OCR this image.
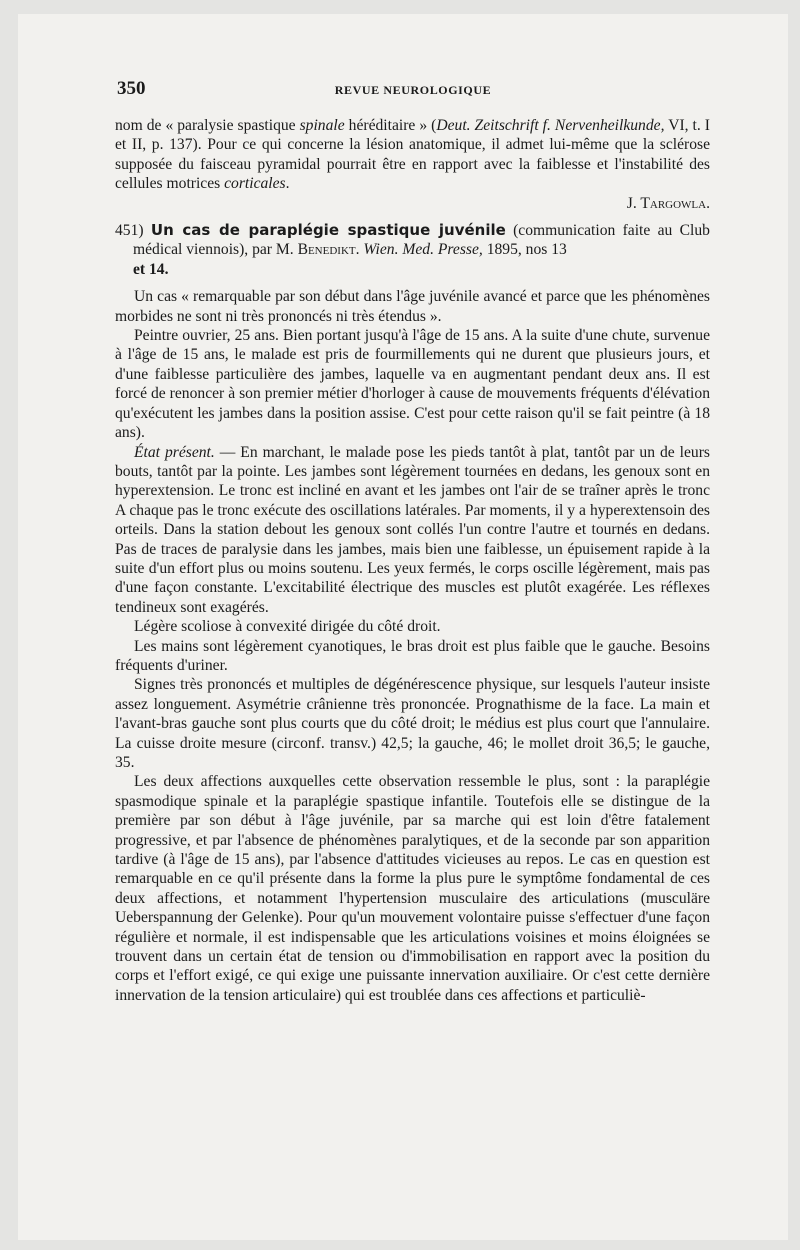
350	REVUE NEUROLOGIQUE

nom de « paralysie spastique spinale héréditaire » (Deut. Zeitschrift f. Nervenheilkunde, VI, t. I et II, p. 137). Pour ce qui concerne la lésion anatomique, il admet lui-même que la sclérose supposée du faisceau pyramidal pourrait être en rapport avec la faiblesse et l'instabilité des cellules motrices corticales.

J. Targowla.

451) Un cas de paraplégie spastique juvénile (communication faite au Club médical viennois), par M. Benedikt. Wien. Med. Presse, 1895, nos 13

et 14.

Un cas « remarquable par son début dans l'âge juvénile avancé et parce que les phénomènes morbides ne sont ni très prononcés ni très étendus ».

Peintre ouvrier, 25 ans. Bien portant jusqu'à l'âge de 15 ans. A la suite d'une chute, survenue à l'âge de 15 ans, le malade est pris de fourmillements qui ne durent que plusieurs jours, et d'une faiblesse particulière des jambes, laquelle va en augmentant pendant deux ans. Il est forcé de renoncer à son premier métier d'horloger à cause de mouvements fréquents d'élévation qu'exécutent les jambes dans la position assise. C'est pour cette raison qu'il se fait peintre (à 18 ans).

État présent. — En marchant, le malade pose les pieds tantôt à plat, tantôt par un de leurs bouts, tantôt par la pointe. Les jambes sont légèrement tournées en dedans, les genoux sont en hyperextension. Le tronc est incliné en avant et les jambes ont l'air de se traîner après le tronc A chaque pas le tronc exécute des oscillations latérales. Par moments, il y a hyperextensoin des orteils. Dans la station debout les genoux sont collés l'un contre l'autre et tournés en dedans. Pas de traces de paralysie dans les jambes, mais bien une faiblesse, un épuisement rapide à la suite d'un effort plus ou moins soutenu. Les yeux fermés, le corps oscille légèrement, mais pas d'une façon constante. L'excitabilité électrique des muscles est plutôt exagérée. Les réflexes tendineux sont exagérés.

Légère scoliose à convexité dirigée du côté droit.

Les mains sont légèrement cyanotiques, le bras droit est plus faible que le gauche. Besoins fréquents d'uriner.

Signes très prononcés et multiples de dégénérescence physique, sur lesquels l'auteur insiste assez longuement. Asymétrie crânienne très prononcée. Prognathisme de la face. La main et l'avant-bras gauche sont plus courts que du côté droit; le médius est plus court que l'annulaire. La cuisse droite mesure (circonf. transv.) 42,5; la gauche, 46; le mollet droit 36,5; le gauche, 35.

Les deux affections auxquelles cette observation ressemble le plus, sont : la paraplégie spasmodique spinale et la paraplégie spastique infantile. Toutefois elle se distingue de la première par son début à l'âge juvénile, par sa marche qui est loin d'être fatalement progressive, et par l'absence de phénomènes paralytiques, et de la seconde par son apparition tardive (à l'âge de 15 ans), par l'absence d'attitudes vicieuses au repos. Le cas en question est remarquable en ce qu'il présente dans la forme la plus pure le symptôme fondamental de ces deux affections, et notamment l'hypertension musculaire des articulations (musculäre Ueberspannung der Gelenke). Pour qu'un mouvement volontaire puisse s'effectuer d'une façon régulière et normale, il est indispensable que les articulations voisines et moins éloignées se trouvent dans un certain état de tension ou d'immobilisation en rapport avec la position du corps et l'effort exigé, ce qui exige une puissante innervation auxiliaire. Or c'est cette dernière innervation de la tension articulaire) qui est troublée dans ces affections et particuliè-
